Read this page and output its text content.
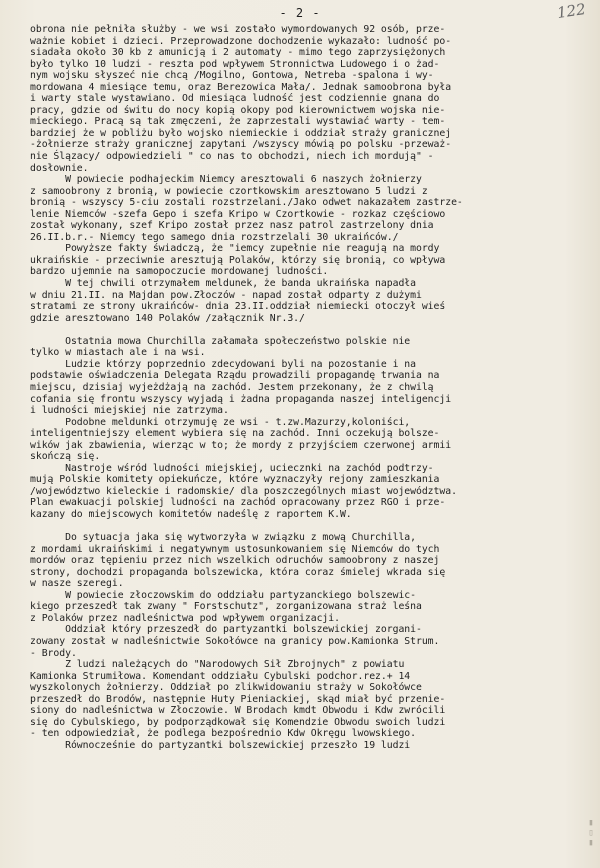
- 2 -	122
obrona nie pełniła służby - we wsi zostało wymordowanych 92 osób, prze-
ważnie kobiet i dzieci. Przeprowadzone dochodzenie wykazało: ludność po-
siadała około 30 kb z amunicją i 2 automaty - mimo tego zaprzysiężonych
było tylko 10 ludzi - reszta pod wpływem Stronnictwa Ludowego i o żad-
nym wojsku słyszeć nie chcą /Mogilno, Gontowa, Netreba -spalona i wy-
mordowana 4 miesiące temu, oraz Berezowica Mała/. Jednak samoobrona była
i warty stale wystawiano. Od miesiąca ludność jest codziennie gnana do
pracy, gdzie od świtu do nocy kopią okopy pod kierownictwem wojska nie-
mieckiego. Pracą są tak zmęczeni, że zaprzestali wystawiać warty - tem-
bardziej że w pobliżu było wojsko niemieckie i oddział straży granicznej
-żołnierze straży granicznej zapytani /wszyscy mówią po polsku -przeważ-
nie Ślązacy/ odpowiedzieli " co nas to obchodzi, niech ich mordują" -
dosłownie.
W powiecie podhajeckim Niemcy aresztowali 6 naszych żołnierzy
z samoobrony z bronią, w powiecie czortkowskim aresztowano 5 ludzi z
bronią - wszyscy 5-ciu zostali rozstrzelani./Jako odwet nakazałem zastrze-
lenie Niemców -szefa Gepo i szefa Kripo w Czortkowie - rozkaz częściowo
został wykonany, szef Kripo został przez nasz patrol zastrzelony dnia
26.II.b.r.- Niemcy tego samego dnia rozstrzelali 30 ukraińców./
Powyższe fakty świadczą, że "iemcy zupełnie nie reagują na mordy
ukraińskie - przeciwnie aresztują Polaków, którzy się bronią, co wpływa
bardzo ujemnie na samopoczucie mordowanej ludności.
W tej chwili otrzymałem meldunek, że banda ukraińska napadła
w dniu 21.II. na Majdan pow.Złoczów - napad został odparty z dużymi
stratami ze strony ukraińców- dnia 23.II.oddział niemiecki otoczył wieś
gdzie aresztowano 140 Polaków /załącznik Nr.3./

Ostatnia mowa Churchilla załamała społeczeństwo polskie nie
tylko w miastach ale i na wsi.
Ludzie którzy poprzednio zdecydowani byli na pozostanie i na
podstawie oświadczenia Delegata Rządu prowadzili propagandę trwania na
miejscu, dzisiaj wyjeżdżają na zachód. Jestem przekonany, że z chwilą
cofania się frontu wszyscy wyjadą i żadna propaganda naszej inteligencji
i ludności miejskiej nie zatrzyma.
Podobne meldunki otrzymuję ze wsi - t.zw.Mazurzy,koloniści,
inteligentniejszy element wybiera się na zachód. Inni oczekują bolsze-
wików jak zbawienia, wierząc w to; że mordy z przyjściem czerwonej armii
skończą się.
Nastroje wśród ludności miejskiej, uciecznki na zachód podtrzy-
mują Polskie komitety opiekuńcze, które wyznaczyły rejony zamieszkania
/województwo kieleckie i radomskie/ dla poszczególnych miast województwa.
Plan ewakuacji polskiej ludności na zachód opracowany przez RGO i prze-
kazany do miejscowych komitetów nadeślę z raportem K.W.

Do sytuacja jaka się wytworzyła w związku z mową Churchilla,
z mordami ukraińskimi i negatywnym ustosunkowaniem się Niemców do tych
mordów oraz tępieniu przez nich wszelkich odruchów samoobrony z naszej
strony, dochodzi propaganda bolszewicka, która coraz śmielej wkrada się
w nasze szeregi.
W powiecie złoczowskim do oddziału partyzanckiego bolszewic-
kiego przeszedł tak zwany " Forstschutz", zorganizowana straż leśna
z Polaków przez nadleśnictwa pod wpływem organizacji.
Oddział który przeszedł do partyzantki bolszewickiej zorgani-
zowany został w nadleśnictwie Sokołówce na granicy pow.Kamionka Strum.
- Brody.
Z ludzi należących do "Narodowych Sił Zbrojnych" z powiatu
Kamionka Strumiłowa. Komendant oddziału Cybulski podchor.rez.+ 14
wyszkolonych żołnierzy. Oddział po zlikwidowaniu straży w Sokołówce
przeszedł do Brodów, następnie Huty Pieniackiej, skąd miał być przenie-
siony do nadleśnictwa w Złoczowie. W Brodach kmdt Obwodu i Kdw zwrócili
się do Cybulskiego, by podporządkował się Komendzie Obwodu swoich ludzi
- ten odpowiedział, że podlega bezpośrednio Kdw Okręgu lwowskiego.
Równocześnie do partyzantki bolszewickiej przeszło 19 ludzi
▮▯▮
